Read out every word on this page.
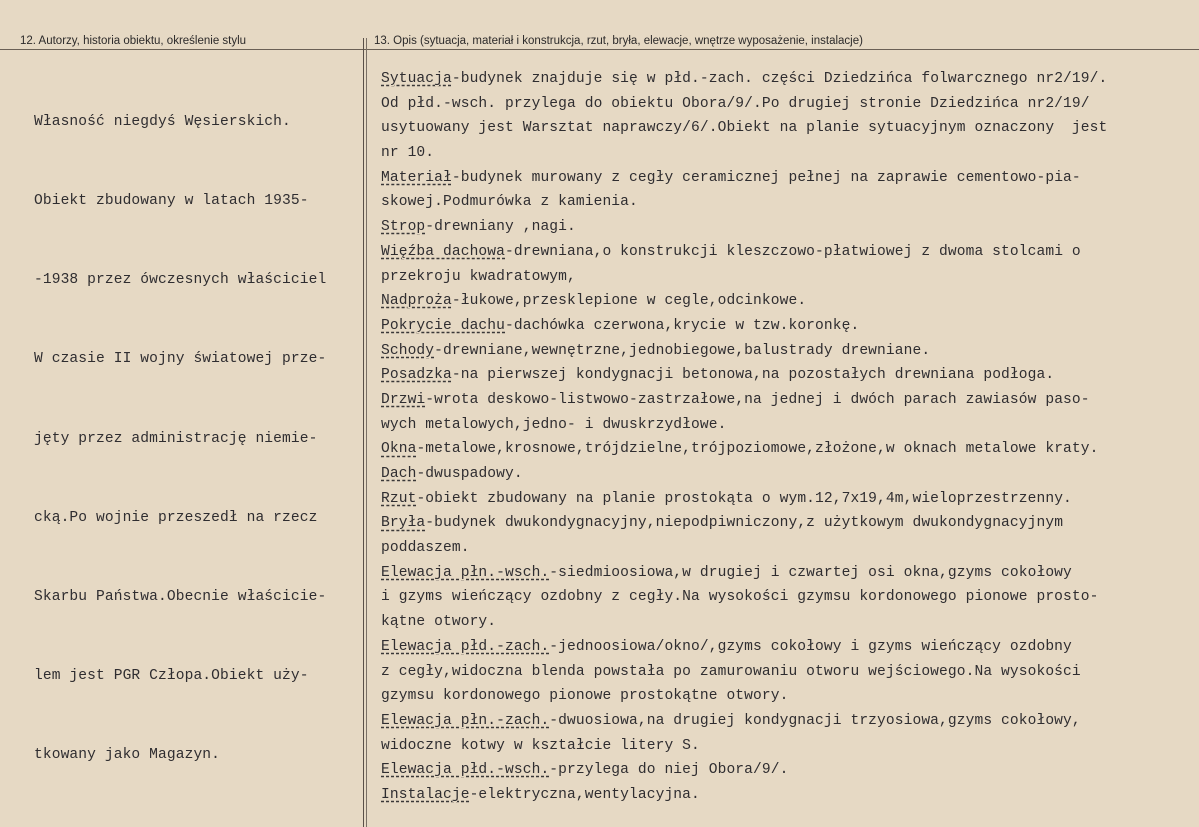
12. Autorzy, historia obiektu, określenie stylu	13. Opis (sytuacja, materiał i konstrukcja, rzut, bryła, elewacje, wnętrze wyposażenie, instalacje)

Własność niegdyś Węsierskich.

Obiekt zbudowany w latach 1935-

-1938 przez ówczesnych właściciel

W czasie II wojny światowej prze-

jęty przez administrację niemie-

cką.Po wojnie przeszedł na rzecz

Skarbu Państwa.Obecnie właściciе-

lem jest PGR Człopa.Obiekt uży-

tkowany jako Magazyn.

Sytuacja-budynek znajduje się w płd.-zach. części Dziedzińca folwarcznego nr2/19/.
Od płd.-wsch. przylega do obiektu Obora/9/.Po drugiej stronie Dziedzińca nr2/19/
usytuowany jest Warsztat naprawczy/6/.Obiekt na planie sytuacyjnym oznaczony  jest
nr 10.
Materiał-budynek murowany z cegły ceramicznej pełnej na zaprawie cementowo-pia-
skowej.Podmurówka z kamienia.
Strop-drewniany ,nagi.
Więźba dachowa-drewniana,o konstrukcji kleszczowo-płatwiowej z dwoma stolcami o
przekroju kwadratowym,
Nadproża-łukowe,przesklepione w cegle,odcinkowe.
Pokrycie dachu-dachówka czerwona,krycie w tzw.koronkę.
Schody-drewniane,wewnętrzne,jednobiegowe,balustrady drewniane.
Posadzka-na pierwszej kondygnacji betonowa,na pozostałych drewniana podłoga.
Drzwi-wrota deskowo-listwowo-zastrzałowe,na jednej i dwóch parach zawiasów paso-
wych metalowych,jedno- i dwuskrzydłowe.
Okna-metalowe,krosnowe,trójdzielne,trójpoziomowe,złożone,w oknach metalowe kraty.
Dach-dwuspadowy.
Rzut-obiekt zbudowany na planie prostokąta o wym.12,7x19,4m,wieloprzestrzenny.
Bryła-budynek dwukondygnacyjny,niepodpiwniczony,z użytkowym dwukondygnacyjnym
poddaszem.
Elewacja płn.-wsch.-siedmioosiowa,w drugiej i czwartej osi okna,gzyms cokołowy
i gzyms wieńczący ozdobny z cegły.Na wysokości gzymsu kordonowego pionowe prosto-
kątne otwory.
Elewacja płd.-zach.-jednoosiowa/okno/,gzyms cokołowy i gzyms wieńczący ozdobny
z cegły,widoczna blenda powstała po zamurowaniu otworu wejściowego.Na wysokości
gzymsu kordonowego pionowe prostokątne otwory.
Elewacja płn.-zach.-dwuosiowa,na drugiej kondygnacji trzyosiowa,gzyms cokołowy,
widoczne kotwy w kształcie litery S.
Elewacja płd.-wsch.-przylega do niej Obora/9/.
Instalacje-elektryczna,wentylacyjna.
